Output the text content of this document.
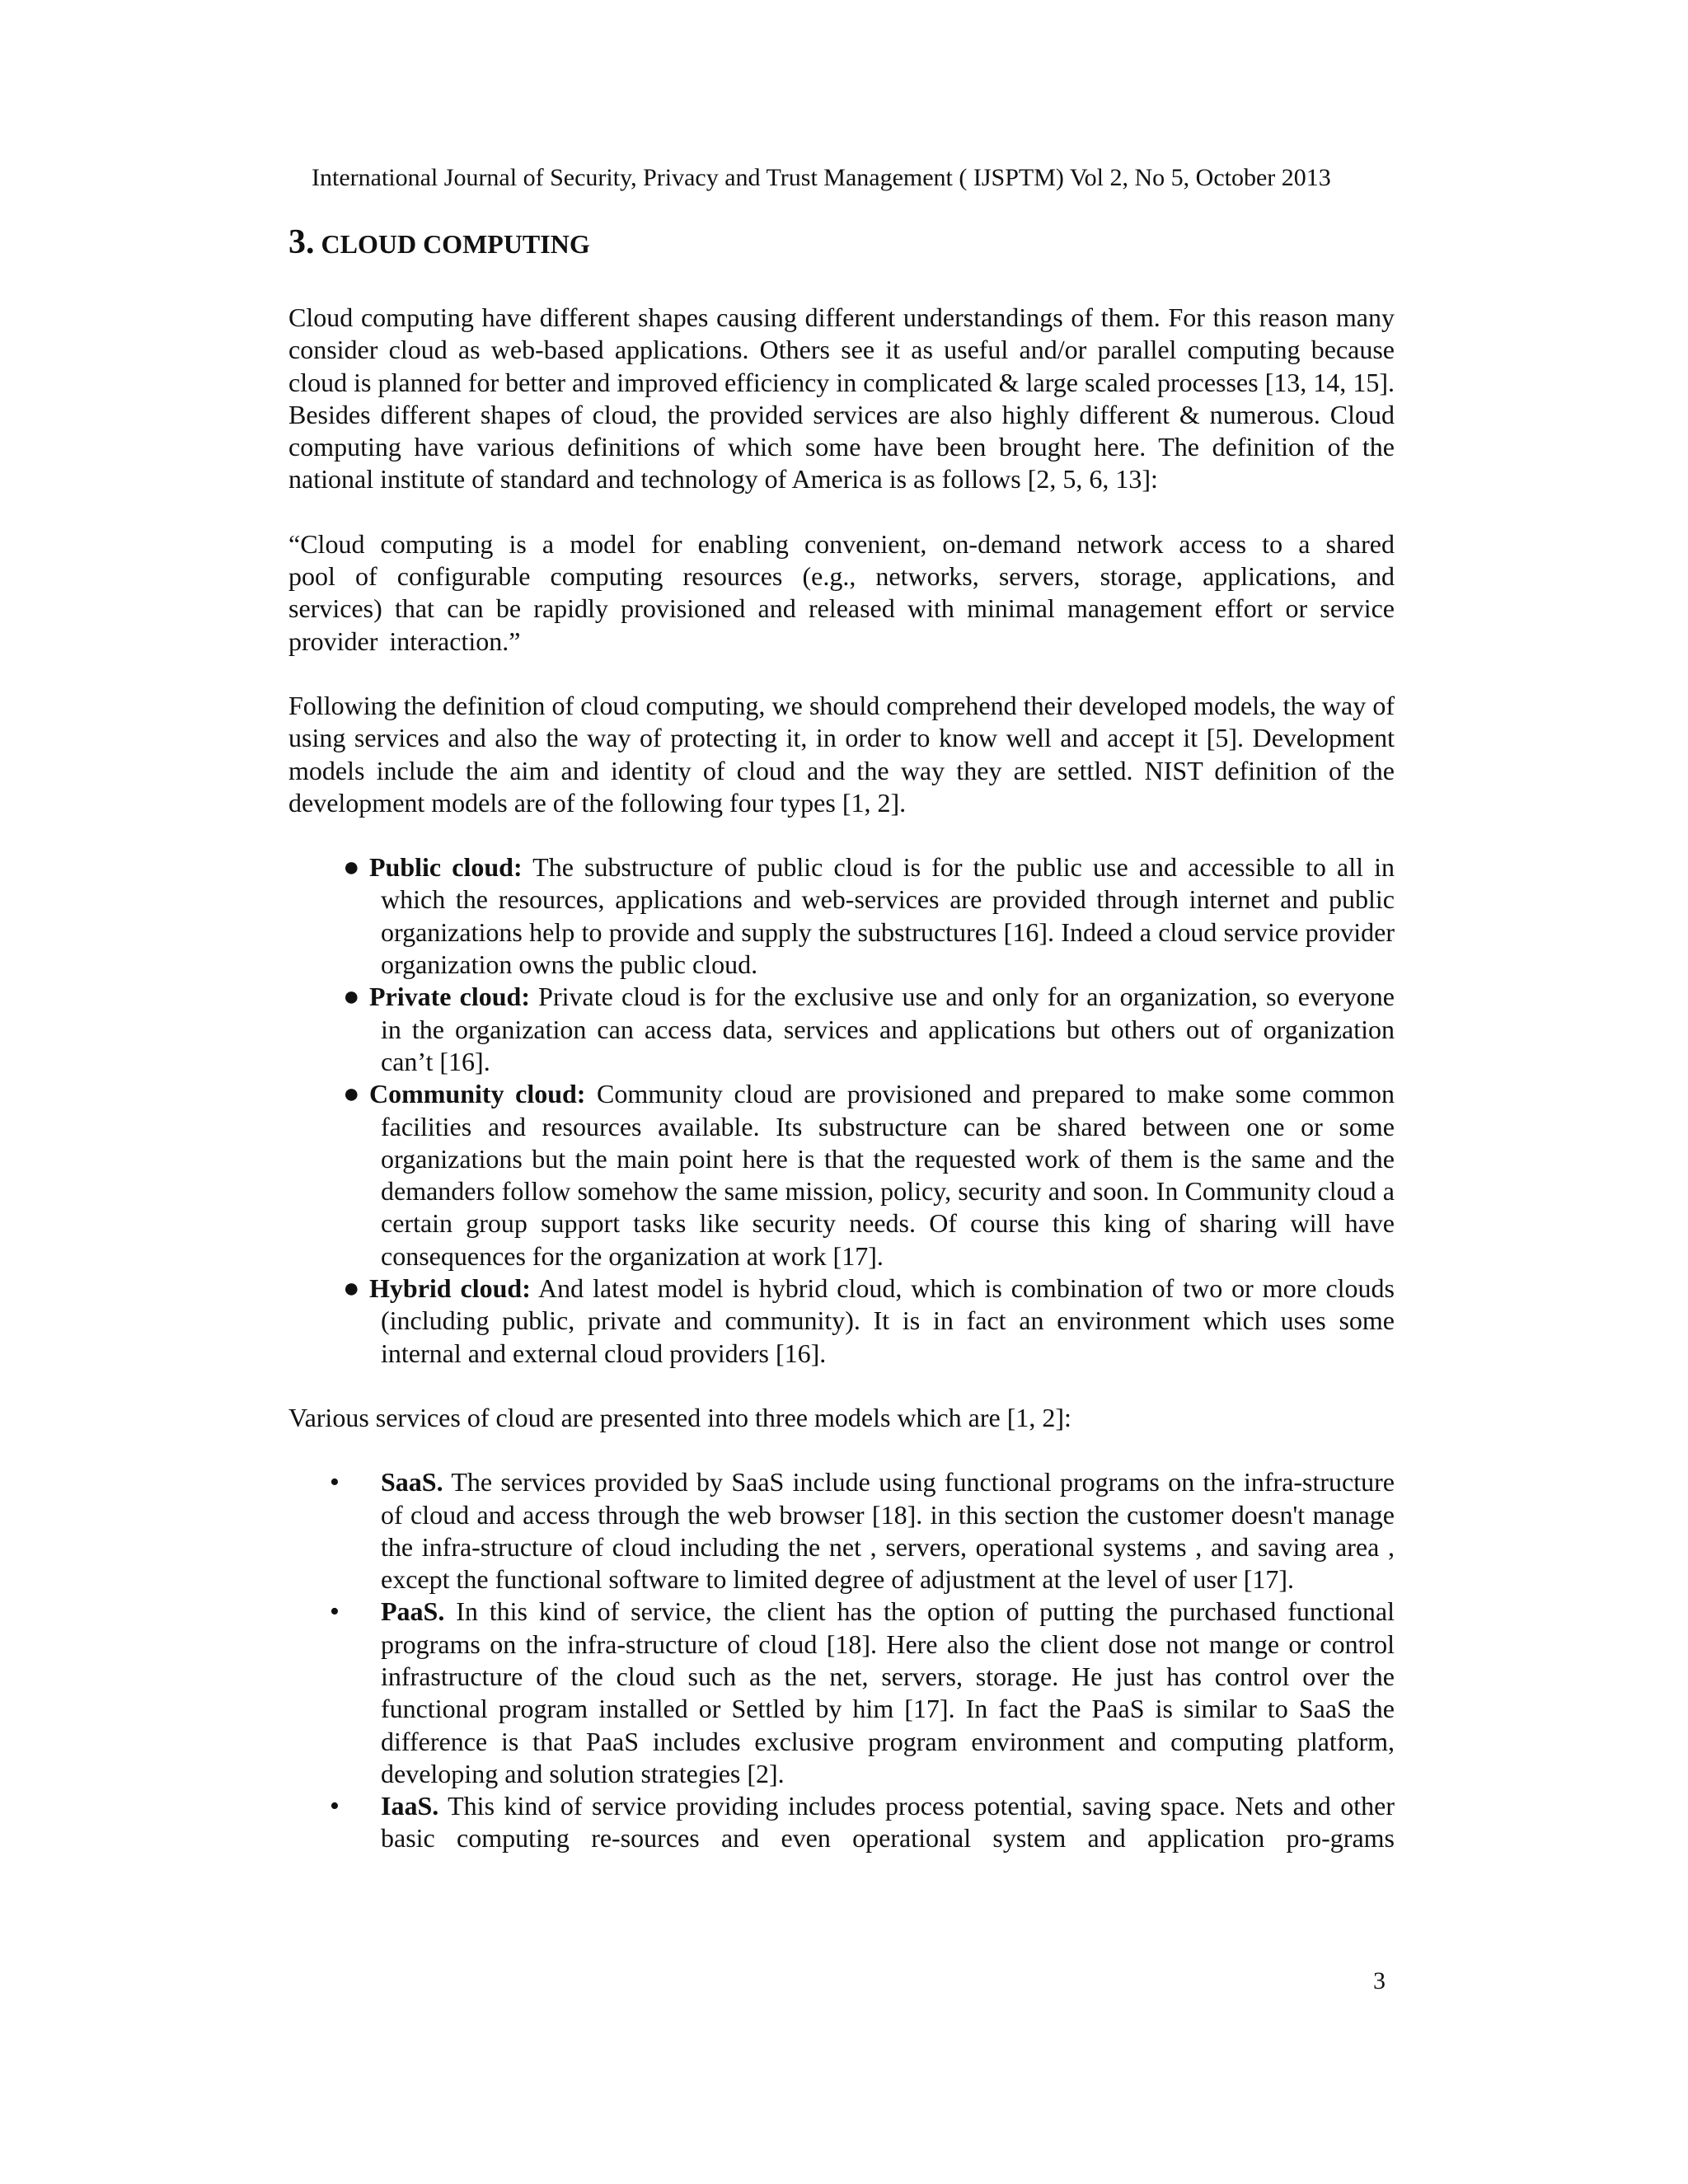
International Journal of Security, Privacy and Trust Management ( IJSPTM) Vol 2, No 5, October 2013
3. CLOUD COMPUTING

Cloud computing have different shapes causing different understandings of them. For this reason many consider cloud as web-based applications. Others see it as useful and/or parallel computing because cloud is planned for better and improved efficiency in complicated & large scaled processes [13, 14, 15]. Besides different shapes of cloud, the provided services are also highly different & numerous. Cloud computing have various definitions of which some have been brought here. The definition of the national institute of standard and technology of America is as follows [2, 5, 6, 13]:

“Cloud computing is a model for enabling convenient, on-demand network access to a shared pool of configurable computing resources (e.g., networks, servers, storage, applications, and services) that can be rapidly provisioned and released with minimal management effort or service provider interaction.”

Following the definition of cloud computing, we should comprehend their developed models, the way of using services and also the way of protecting it, in order to know well and accept it [5]. Development models include the aim and identity of cloud and the way they are settled. NIST definition of the development models are of the following four types [1, 2].

● Public cloud: The substructure of public cloud is for the public use and accessible to all in which the resources, applications and web-services are provided through internet and public organizations help to provide and supply the substructures [16]. Indeed a cloud service provider organization owns the public cloud.
● Private cloud: Private cloud is for the exclusive use and only for an organization, so everyone in the organization can access data, services and applications but others out of organization can’t [16].
● Community cloud: Community cloud are provisioned and prepared to make some common facilities and resources available. Its substructure can be shared between one or some organizations but the main point here is that the requested work of them is the same and the demanders follow somehow the same mission, policy, security and soon. In Community cloud a certain group support tasks like security needs. Of course this king of sharing will have consequences for the organization at work [17].
● Hybrid cloud: And latest model is hybrid cloud, which is combination of two or more clouds (including public, private and community). It is in fact an environment which uses some internal and external cloud providers [16].

Various services of cloud are presented into three models which are [1, 2]:

• SaaS. The services provided by SaaS include using functional programs on the infra-structure of cloud and access through the web browser [18]. in this section the customer doesn't manage the infra-structure of cloud including the net , servers, operational systems , and saving area , except the functional software to limited degree of adjustment at the level of user [17].
• PaaS. In this kind of service, the client has the option of putting the purchased functional programs on the infra-structure of cloud [18]. Here also the client dose not mange or control infrastructure of the cloud such as the net, servers, storage. He just has control over the functional program installed or Settled by him [17]. In fact the PaaS is similar to SaaS the difference is that PaaS includes exclusive program environment and computing platform, developing and solution strategies [2].
• IaaS. This kind of service providing includes process potential, saving space. Nets and other basic computing re-sources and even operational system and application pro-grams
3
